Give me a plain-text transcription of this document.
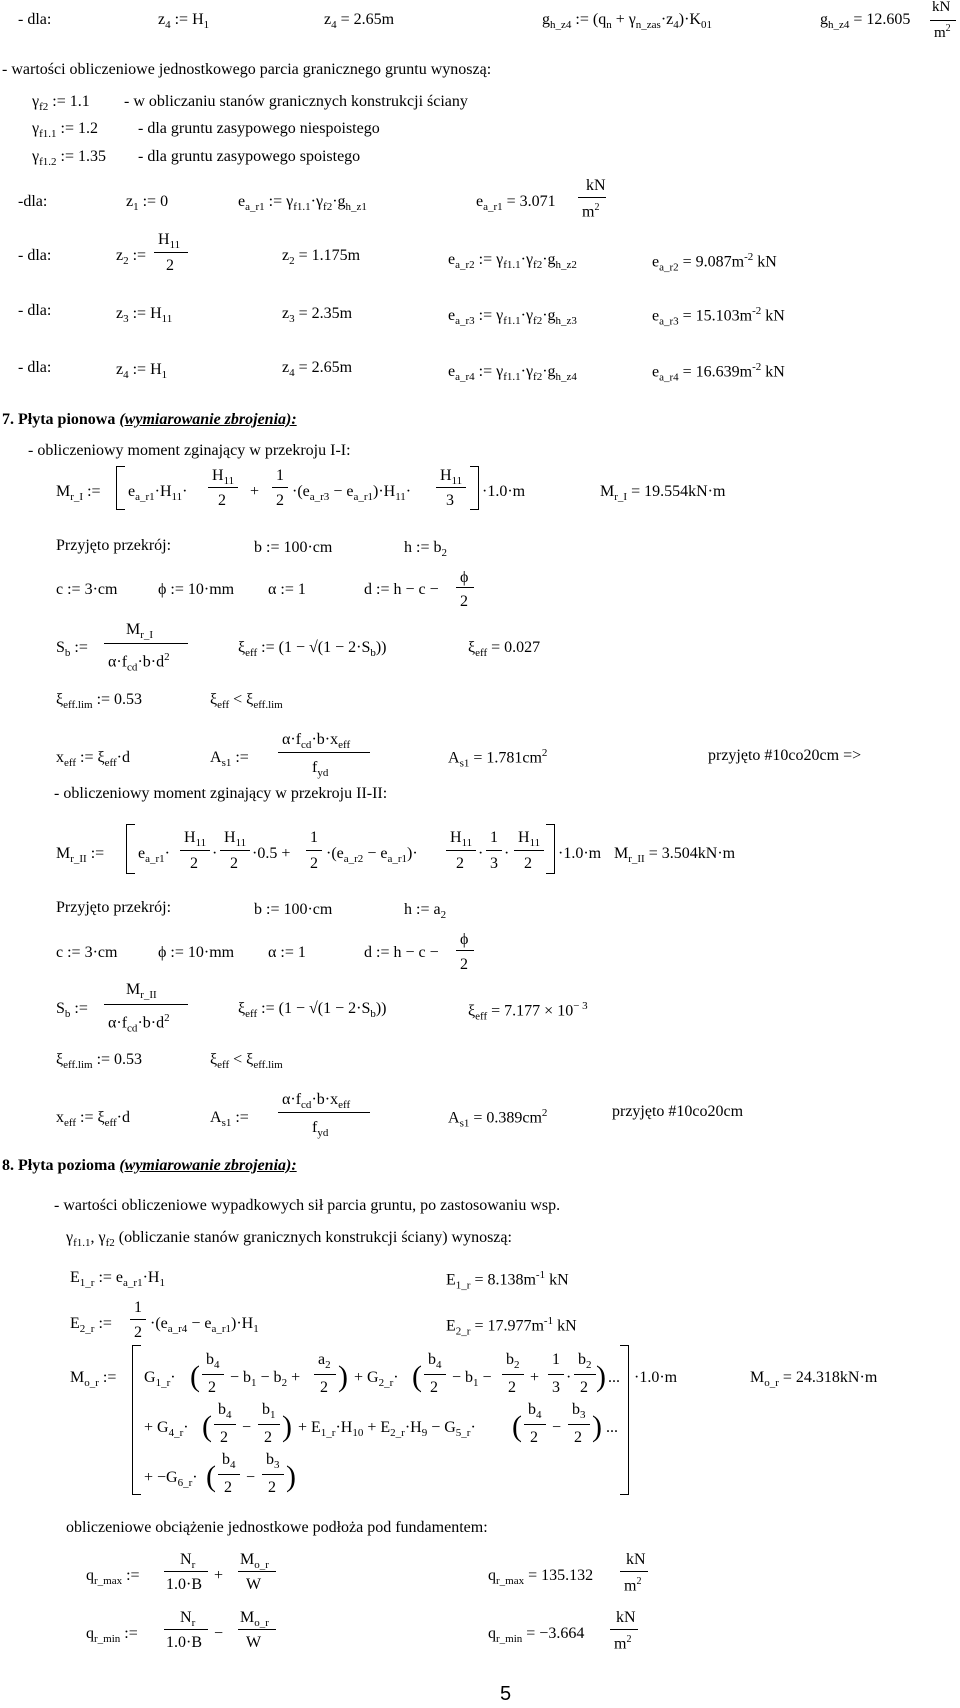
- dla:	$z_4$ := $H_1$	$z_4 = 2.65m$	$g_{h\_z4}$ := $(q_n + \gamma_{n\_zas}\cdot z_4)\cdot K_{01}$	$g_{h\_z4} = 12.605$
kN
$m^2$
- wartości obliczeniowe jednostkowego parcia granicznego gruntu wynoszą:
$\gamma_{f2}$ := 1.1 - w obliczaniu stanów granicznych konstrukcji ściany
$\gamma_{f1.1}$ := 1.2	- dla gruntu zasypowego niespoistego
$\gamma_{f1.2}$ := 1.35 - dla gruntu zasypowego spoistego
-dla:	$z_1$ := 0	$e_{a\_r1}$ := $\gamma_{f1.1}\cdot\gamma_{f2}\cdot g_{h\_z1}$	$e_{a\_r1} = 3.071$
kN
$m^2$
- dla:	$z_2$ :=
$H_{11}$
2
$z_2 = 1.175m$	$e_{a\_r2}$ := $\gamma_{f1.1}\cdot\gamma_{f2}\cdot g_{h\_z2}$	$e_{a\_r2} = 9.087m^{-2}$ kN
$z_3$ := $H_{11}$
- dla:	$z_3 = 2.35m$	$e_{a\_r3}$ := $\gamma_{f1.1}\cdot\gamma_{f2}\cdot g_{h\_z3}$	$e_{a\_r3} = 15.103m^{-2}$ kN
- dla:	$z_4$ := $H_1$	$z_4 = 2.65m$	$e_{a\_r4}$ := $\gamma_{f1.1}\cdot\gamma_{f2}\cdot g_{h\_z4}$	$e_{a\_r4} = 16.639m^{-2}$ kN
7. Płyta pionowa (wymiarowanie zbrojenia):
- obliczeniowy moment zginający w przekroju I-I:
$M_{r\_I}$ := $e_{a\_r1}\cdot H_{11}\cdot$
$H_{11}$
2
+
1
2
$\cdot(e_{a\_r3} - e_{a\_r1})\cdot H_{11}\cdot$
$H_{11}$
3
·1.0·m	$M_{r\_I} = 19.554kN\cdot m$
Przyjęto przekrój:	b := 100·cm	h := $b_2$
c := 3·cm	ϕ := 10·mm α := 1	d := h − c −
ϕ
2
$S_b$ :=
$M_{r\_I}$
$\alpha\cdot f_{cd}\cdot b\cdot d^2$
$\xi_{eff}$ := $(1 - √(1 - 2\cdot S_b))$	$\xi_{eff} = 0.027$
$\xi_{eff.lim}$ := 0.53	$\xi_{eff} < \xi_{eff.lim}$
$x_{eff}$ := $\xi_{eff}\cdot d$	$A_{s1}$ :=
$\alpha\cdot f_{cd}\cdot b\cdot x_{eff}$
$f_{yd}$
$A_{s1} = 1.781cm^2$	przyjęto #10co20cm =>
- obliczeniowy moment zginający w przekroju II-II:
$M_{r\_II}$ := $e_{a\_r1}\cdot$
$H_{11}$
2
·
$H_{11}$
2
·0.5 +
1
2
$\cdot(e_{a\_r2} - e_{a\_r1})\cdot$
$H_{11}$
2
·
1
3
·
$H_{11}$
2
·1.0·m $M_{r\_II} = 3.504kN\cdot m$
Przyjęto przekrój:	b := 100·cm	h := $a_2$
c := 3·cm	ϕ := 10·mm α := 1	d := h − c −
ϕ
2
$S_b$ :=
$M_{r\_II}$
$\alpha\cdot f_{cd}\cdot b\cdot d^2$
$\xi_{eff}$ := $(1 - √(1 - 2\cdot S_b))$	$\xi_{eff} = 7.177 \times 10^{- 3}$
$\xi_{eff.lim}$ := 0.53	$\xi_{eff} < \xi_{eff.lim}$
$x_{eff}$ := $\xi_{eff}\cdot d$	$A_{s1}$ :=
$\alpha\cdot f_{cd}\cdot b\cdot x_{eff}$
$f_{yd}$
$A_{s1} = 0.389cm^2$	przyjęto #10co20cm
8. Płyta pozioma (wymiarowanie zbrojenia):
- wartości obliczeniowe wypadkowych sił parcia gruntu, po zastosowaniu wsp.
$\gamma_{f1.1}$, $\gamma_{f2}$ (obliczanie stanów granicznych konstrukcji ściany) wynoszą:
$E_{1\_r}$ := $e_{a\_r1}\cdot H_1$	$E_{1\_r} = 8.138m^{-1}$ kN
$E_{2\_r}$ :=
1
2
$\cdot(e_{a\_r4} - e_{a\_r1})\cdot H_1$	$E_{2\_r} = 17.977m^{-1}$ kN
$M_{o\_r}$ := $G_{1\_r}\cdot$ (
$b_4$
2
− $b_1 - b_2$ +
$a_2$
2 ) + $G_{2\_r}\cdot$ (
$b_4$
2
− $b_1$ −
$b_2$
2
+
1
3
·
$b_2$
2 ) ... ·1.0·m	$M_{o\_r} = 24.318kN\cdot m$
+ $G_{4\_r}\cdot$ (
$b_4$
2
−
$b_1$
2 ) + $E_{1\_r}\cdot H_{10} + E_{2\_r}\cdot H_9 - G_{5\_r}\cdot$ (
$b_4$
2
−
$b_3$
2 ) ...
+ $-G_{6\_r}\cdot$ (
$b_4$
2
−
$b_3$
2 )
obliczeniowe obciążenie jednostkowe podłoża pod fundamentem:
$q_{r\_max}$ :=
$N_r$
1.0·B
+
$M_{o\_r}$
W
$q_{r\_max} = 135.132$
kN
$m^2$
$q_{r\_min}$ :=
$N_r$
1.0·B
−
$M_{o\_r}$
W
$q_{r\_min} = -3.664$
kN
$m^2$
5
